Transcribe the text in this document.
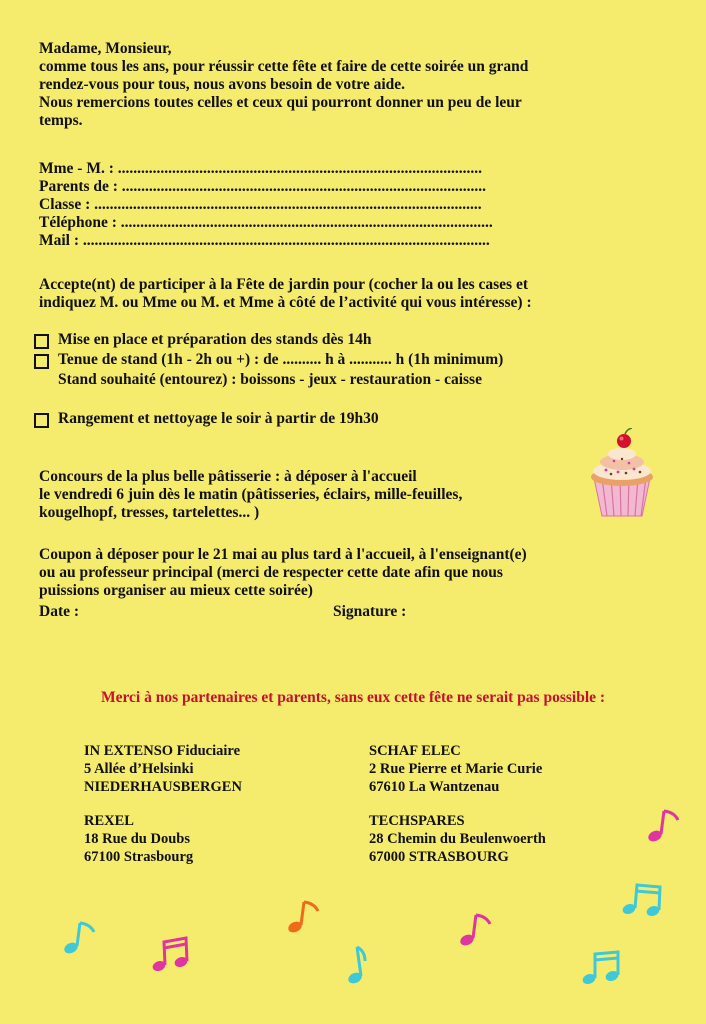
Madame, Monsieur,
comme tous les ans, pour réussir cette fête et faire de cette soirée un grand
rendez-vous pour tous, nous avons besoin de votre aide.
Nous remercions toutes celles et ceux qui pourront donner un peu de leur
temps.
Mme - M. : ..............................................................................................
Parents de : ..............................................................................................
Classe : ....................................................................................................
Téléphone : ................................................................................................
Mail : .........................................................................................................
Accepte(nt) de participer à la Fête de jardin pour (cocher la ou les cases et
indiquez M. ou Mme ou M. et Mme à côté de l’activité qui vous intéresse) :
Mise en place et préparation des stands dès 14h
Tenue de stand (1h - 2h ou +) : de .......... h à ........... h (1h minimum)
Stand souhaité (entourez) : boissons - jeux - restauration - caisse
Rangement et nettoyage le soir à partir de 19h30
Concours de la plus belle pâtisserie : à déposer à l'accueil
le vendredi 6 juin dès le matin (pâtisseries, éclairs, mille-feuilles,
kougelhopf, tresses, tartelettes... )
Coupon à déposer pour le 21 mai au plus tard à l'accueil, à l'enseignant(e)
ou au professeur principal (merci de respecter cette date afin que nous
puissions organiser au mieux cette soirée)
Date :	Signature :
Merci à nos partenaires et parents, sans eux cette fête ne serait pas possible :
IN EXTENSO Fiduciaire
5 Allée d’Helsinki
NIEDERHAUSBERGEN
SCHAF ELEC
2 Rue Pierre et Marie Curie
67610 La Wantzenau
REXEL
18 Rue du Doubs
67100 Strasbourg
TECHSPARES
28 Chemin du Beulenwoerth
67000 STRASBOURG
